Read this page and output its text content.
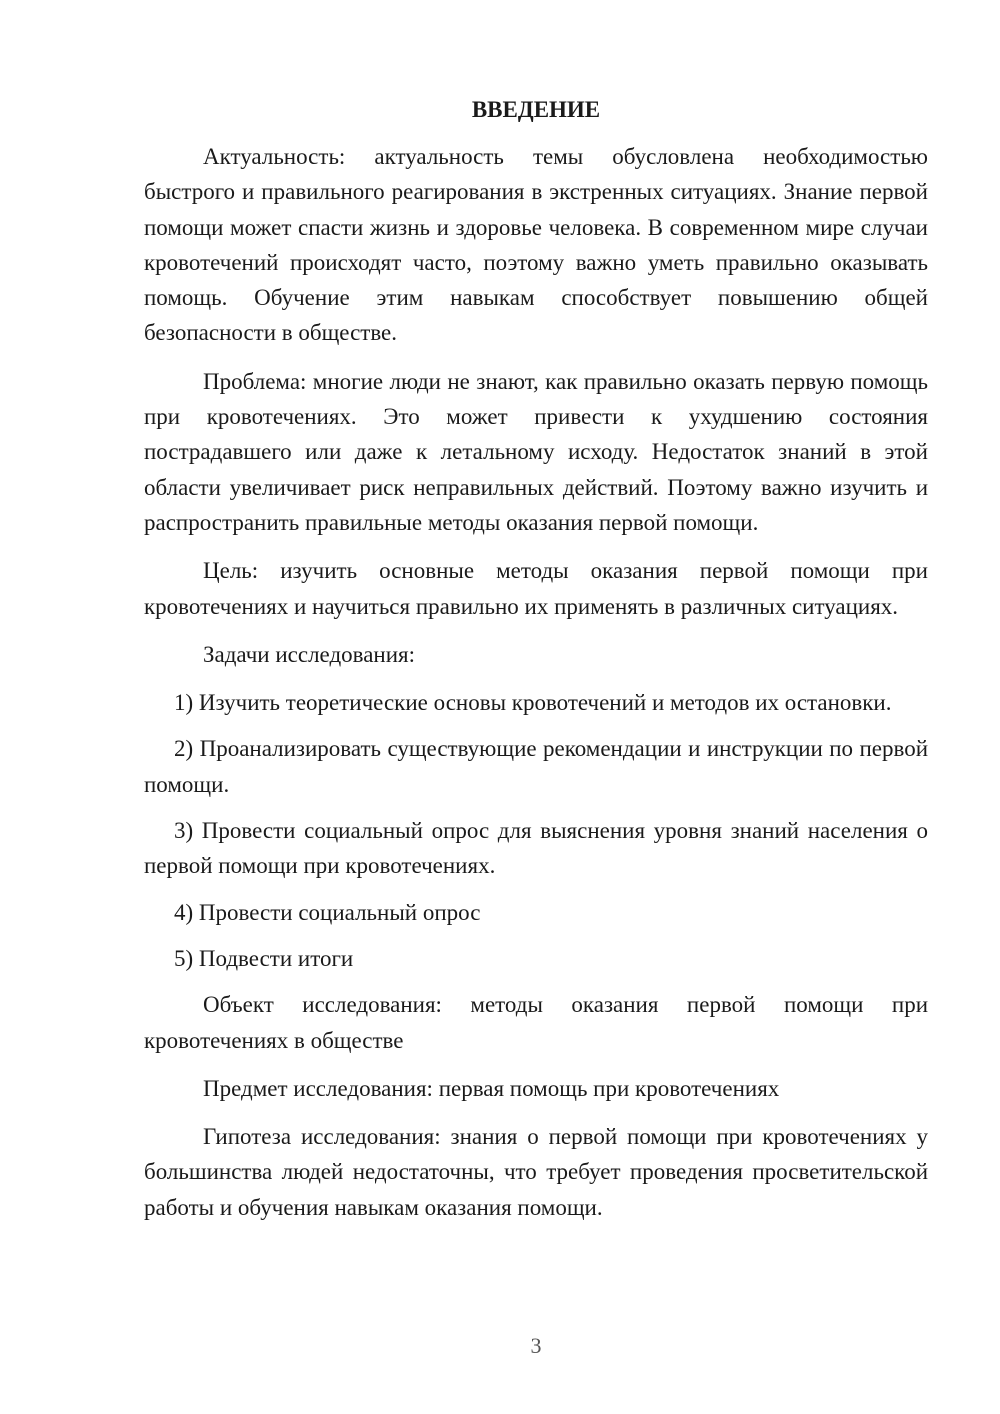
ВВЕДЕНИЕ

Актуальность: актуальность темы обусловлена необходимостью быстрого и правильного реагирования в экстренных ситуациях. Знание первой помощи может спасти жизнь и здоровье человека. В современном мире случаи кровотечений происходят часто, поэтому важно уметь правильно оказывать помощь. Обучение этим навыкам способствует повышению общей безопасности в обществе.

Проблема: многие люди не знают, как правильно оказать первую помощь при кровотечениях. Это может привести к ухудшению состояния пострадавшего или даже к летальному исходу. Недостаток знаний в этой области увеличивает риск неправильных действий. Поэтому важно изучить и распространить правильные методы оказания первой помощи.

Цель: изучить основные методы оказания первой помощи при кровотечениях и научиться правильно их применять в различных ситуациях.

Задачи исследования:

1) Изучить теоретические основы кровотечений и методов их остановки.

2) Проанализировать существующие рекомендации и инструкции по первой помощи.

3) Провести социальный опрос для выяснения уровня знаний населения о первой помощи при кровотечениях.

4) Провести социальный опрос

5) Подвести итоги

Объект исследования: методы оказания первой помощи при кровотечениях в обществе

Предмет исследования: первая помощь при кровотечениях

Гипотеза исследования: знания о первой помощи при кровотечениях у большинства людей недостаточны, что требует проведения просветительской работы и обучения навыкам оказания помощи.

3
